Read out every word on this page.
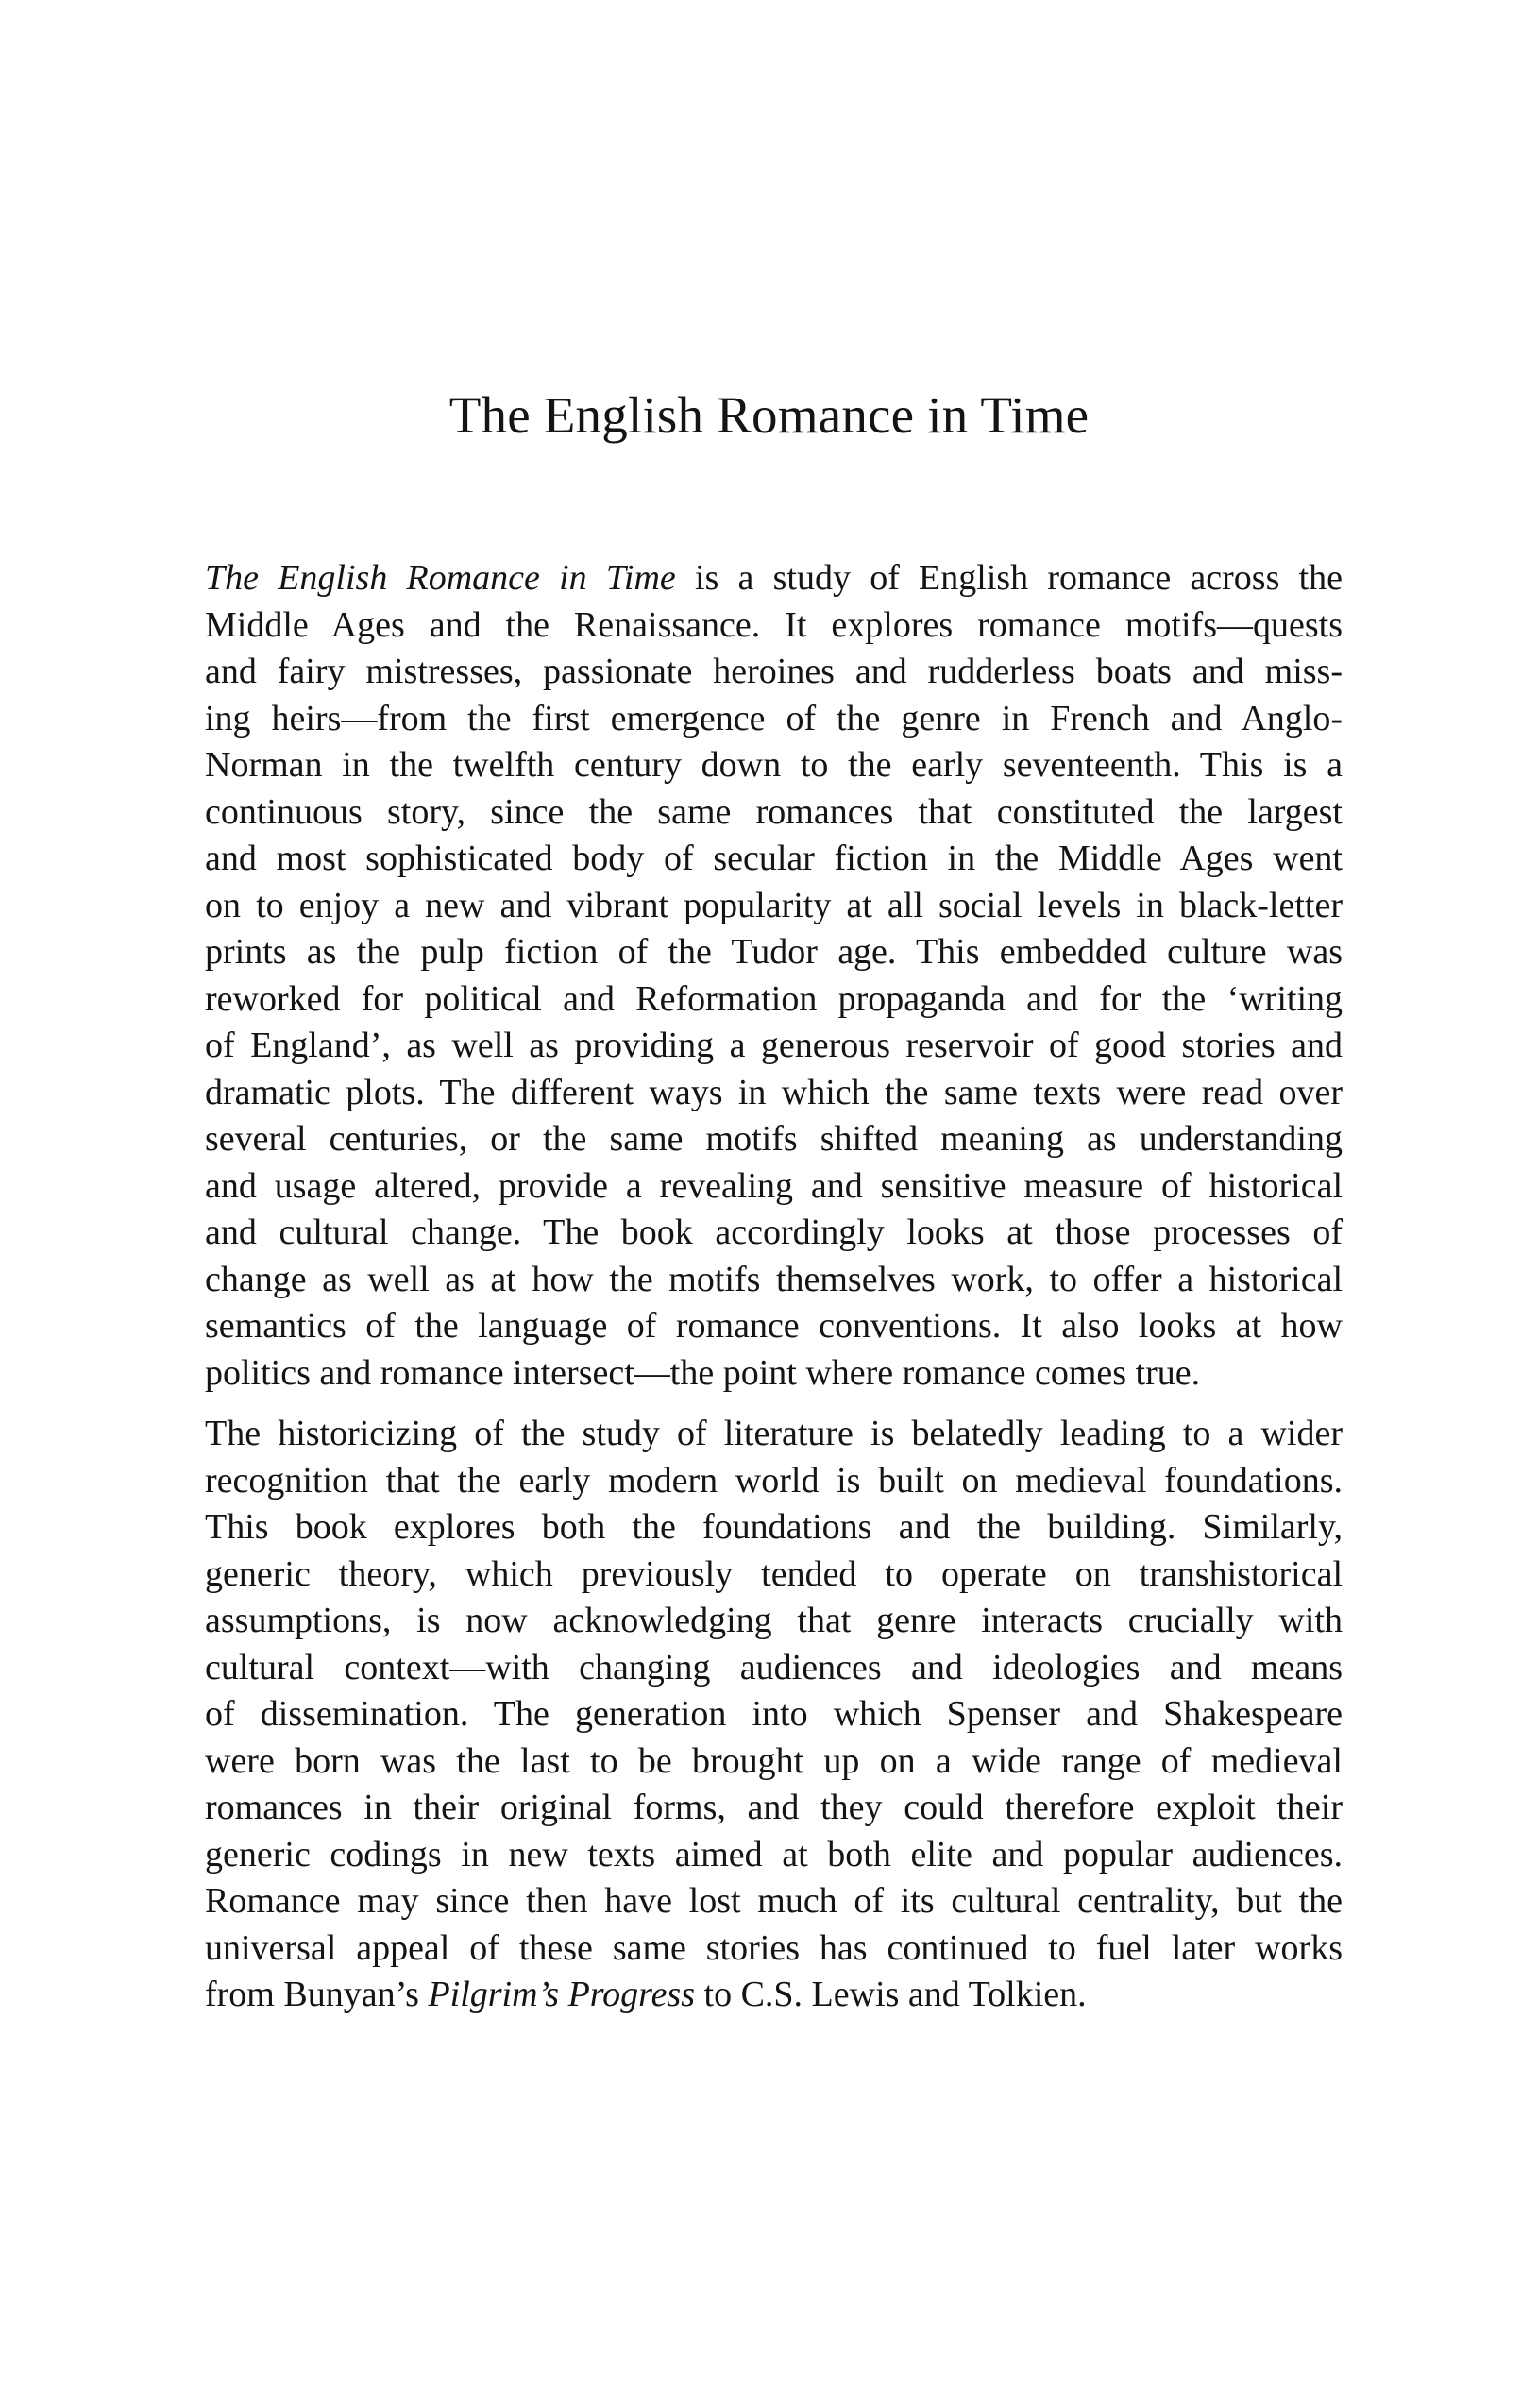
The English Romance in Time

The English Romance in Time is a study of English romance across the
Middle Ages and the Renaissance. It explores romance motifs—quests
and fairy mistresses, passionate heroines and rudderless boats and miss-
ing heirs—from the first emergence of the genre in French and Anglo-
Norman in the twelfth century down to the early seventeenth. This is a
continuous story, since the same romances that constituted the largest
and most sophisticated body of secular fiction in the Middle Ages went
on to enjoy a new and vibrant popularity at all social levels in black-letter
prints as the pulp fiction of the Tudor age. This embedded culture was
reworked for political and Reformation propaganda and for the ‘writing
of England’, as well as providing a generous reservoir of good stories and
dramatic plots. The different ways in which the same texts were read over
several centuries, or the same motifs shifted meaning as understanding
and usage altered, provide a revealing and sensitive measure of historical
and cultural change. The book accordingly looks at those processes of
change as well as at how the motifs themselves work, to offer a historical
semantics of the language of romance conventions. It also looks at how
politics and romance intersect—the point where romance comes true.

The historicizing of the study of literature is belatedly leading to a wider
recognition that the early modern world is built on medieval foundations.
This book explores both the foundations and the building. Similarly,
generic theory, which previously tended to operate on transhistorical
assumptions, is now acknowledging that genre interacts crucially with
cultural context—with changing audiences and ideologies and means
of dissemination. The generation into which Spenser and Shakespeare
were born was the last to be brought up on a wide range of medieval
romances in their original forms, and they could therefore exploit their
generic codings in new texts aimed at both elite and popular audiences.
Romance may since then have lost much of its cultural centrality, but the
universal appeal of these same stories has continued to fuel later works
from Bunyan’s Pilgrim’s Progress to C.S. Lewis and Tolkien.
